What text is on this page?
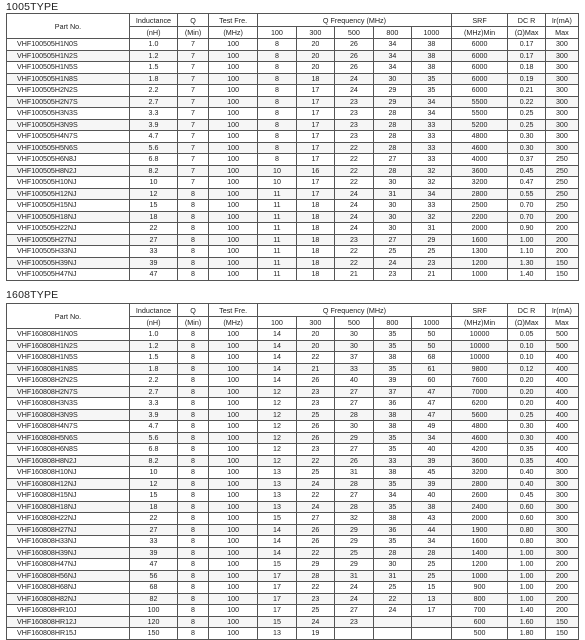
1005TYPE
Part No.	Inductance	Q	Test Fre.	Q Frequency (MHz)					SRF	DC R	Ir(mA)
	(nH)	(Min)	(MHz)	100	300	500	800	1000	(MHz)Min	(Ω)Max	Max
VHF100505H1N0S	1.0	7	100	8	20	26	34	38	6000	0.17	300
VHF100505H1N2S	1.2	7	100	8	20	26	34	38	6000	0.17	300
VHF100505H1N5S	1.5	7	100	8	20	26	34	38	6000	0.18	300
VHF100505H1N8S	1.8	7	100	8	18	24	30	35	6000	0.19	300
VHF100505H2N2S	2.2	7	100	8	17	24	29	35	6000	0.21	300
VHF100505H2N7S	2.7	7	100	8	17	23	29	34	5500	0.22	300
VHF100505H3N3S	3.3	7	100	8	17	23	28	34	5500	0.25	300
VHF100505H3N9S	3.9	7	100	8	17	23	28	33	5200	0.25	300
VHF100505H4N7S	4.7	7	100	8	17	23	28	33	4800	0.30	300
VHF100505H5N6S	5.6	7	100	8	17	22	28	33	4600	0.30	300
VHF100505H6N8J	6.8	7	100	8	17	22	27	33	4000	0.37	250
VHF100505H8N2J	8.2	7	100	10	16	22	28	32	3600	0.45	250
VHF100505H10NJ	10	7	100	10	17	22	30	32	3200	0.47	250
VHF100505H12NJ	12	8	100	11	17	24	31	34	2800	0.55	250
VHF100505H15NJ	15	8	100	11	18	24	30	33	2500	0.70	250
VHF100505H18NJ	18	8	100	11	18	24	30	32	2200	0.70	200
VHF100505H22NJ	22	8	100	11	18	24	30	31	2000	0.90	200
VHF100505H27NJ	27	8	100	11	18	23	27	29	1600	1.00	200
VHF100505H33NJ	33	8	100	11	18	22	25	25	1300	1.10	200
VHF100505H39NJ	39	8	100	11	18	22	24	23	1200	1.30	150
VHF100505H47NJ	47	8	100	11	18	21	23	21	1000	1.40	150
1608TYPE
Part No.	Inductance	Q	Test Fre.	Q Frequency (MHz)					SRF	DC R	Ir(mA)
	(nH)	(Min)	(MHz)	100	300	500	800	1000	(MHz)Min	(Ω)Max	Max
VHF160808H1N0S	1.0	8	100	14	20	30	35	50	10000	0.05	500
VHF160808H1N2S	1.2	8	100	14	20	30	35	50	10000	0.10	500
VHF160808H1N5S	1.5	8	100	14	22	37	38	68	10000	0.10	400
VHF160808H1N8S	1.8	8	100	14	21	33	35	61	9800	0.12	400
VHF160808H2N2S	2.2	8	100	14	26	40	39	60	7600	0.20	400
VHF160808H2N7S	2.7	8	100	12	23	27	37	47	7000	0.20	400
VHF160808H3N3S	3.3	8	100	12	23	27	36	47	6200	0.20	400
VHF160808H3N9S	3.9	8	100	12	25	28	38	47	5600	0.25	400
VHF160808H4N7S	4.7	8	100	12	26	30	38	49	4800	0.30	400
VHF160808H5N6S	5.6	8	100	12	26	29	35	34	4600	0.30	400
VHF160808H6N8S	6.8	8	100	12	23	27	35	40	4200	0.35	400
VHF160808H8N2J	8.2	8	100	12	22	26	33	39	3600	0.35	400
VHF160808H10NJ	10	8	100	13	25	31	38	45	3200	0.40	300
VHF160808H12NJ	12	8	100	13	24	28	35	39	2800	0.40	300
VHF160808H15NJ	15	8	100	13	22	27	34	40	2600	0.45	300
VHF160808H18NJ	18	8	100	13	24	28	35	38	2400	0.60	300
VHF160808H22NJ	22	8	100	15	27	32	38	43	2000	0.60	300
VHF160808H27NJ	27	8	100	14	26	29	36	44	1900	0.80	300
VHF160808H33NJ	33	8	100	14	26	29	35	34	1600	0.80	300
VHF160808H39NJ	39	8	100	14	22	25	28	28	1400	1.00	300
VHF160808H47NJ	47	8	100	15	29	29	30	25	1200	1.00	200
VHF160808H56NJ	56	8	100	17	28	31	31	25	1000	1.00	200
VHF160808H68NJ	68	8	100	17	22	24	25	15	900	1.00	200
VHF160808H82NJ	82	8	100	17	23	24	22	13	800	1.00	200
VHF160808HR10J	100	8	100	17	25	27	24	17	700	1.40	200
VHF160808HR12J	120	8	100	15	24	23			600	1.60	150
VHF160808HR15J	150	8	100	13	19				500	1.80	150
